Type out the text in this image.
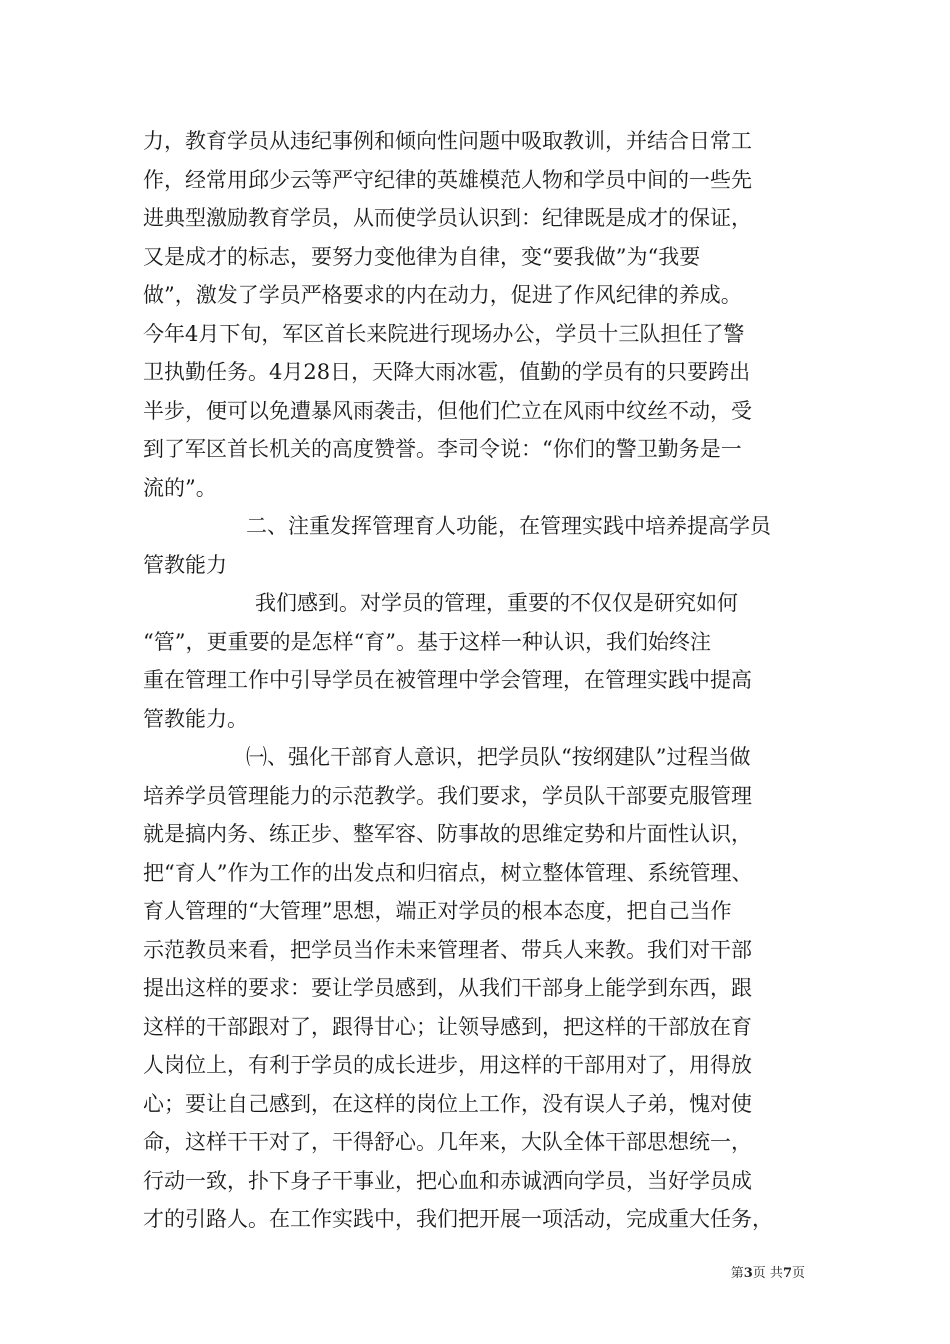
力，教育学员从违纪事例和倾向性问题中吸取教训，并结合日常工
作，经常用邱少云等严守纪律的英雄模范人物和学员中间的一些先
进典型激励教育学员，从而使学员认识到：纪律既是成才的保证，
又是成才的标志，要努力变他律为自律，变“要我做”为“我要
做”，激发了学员严格要求的内在动力，促进了作风纪律的养成。
今年4月下旬，军区首长来院进行现场办公，学员十三队担任了警
卫执勤任务。4月28日，天降大雨冰雹，值勤的学员有的只要跨出
半步，便可以免遭暴风雨袭击，但他们伫立在风雨中纹丝不动，受
到了军区首长机关的高度赞誉。李司令说：“你们的警卫勤务是一
流的”。
二、注重发挥管理育人功能，在管理实践中培养提高学员
管教能力
我们感到。对学员的管理，重要的不仅仅是研究如何
“管”，更重要的是怎样“育”。基于这样一种认识，我们始终注
重在管理工作中引导学员在被管理中学会管理，在管理实践中提高
管教能力。
㈠、强化干部育人意识，把学员队“按纲建队”过程当做
培养学员管理能力的示范教学。我们要求，学员队干部要克服管理
就是搞内务、练正步、整军容、防事故的思维定势和片面性认识，
把“育人”作为工作的出发点和归宿点，树立整体管理、系统管理、
育人管理的“大管理”思想，端正对学员的根本态度，把自己当作
示范教员来看，把学员当作未来管理者、带兵人来教。我们对干部
提出这样的要求：要让学员感到，从我们干部身上能学到东西，跟
这样的干部跟对了，跟得甘心；让领导感到，把这样的干部放在育
人岗位上，有利于学员的成长进步，用这样的干部用对了，用得放
心；要让自己感到，在这样的岗位上工作，没有误人子弟，愧对使
命，这样干干对了，干得舒心。几年来，大队全体干部思想统一，
行动一致，扑下身子干事业，把心血和赤诚洒向学员，当好学员成
才的引路人。在工作实践中，我们把开展一项活动，完成重大任务，
第3页 共7页
